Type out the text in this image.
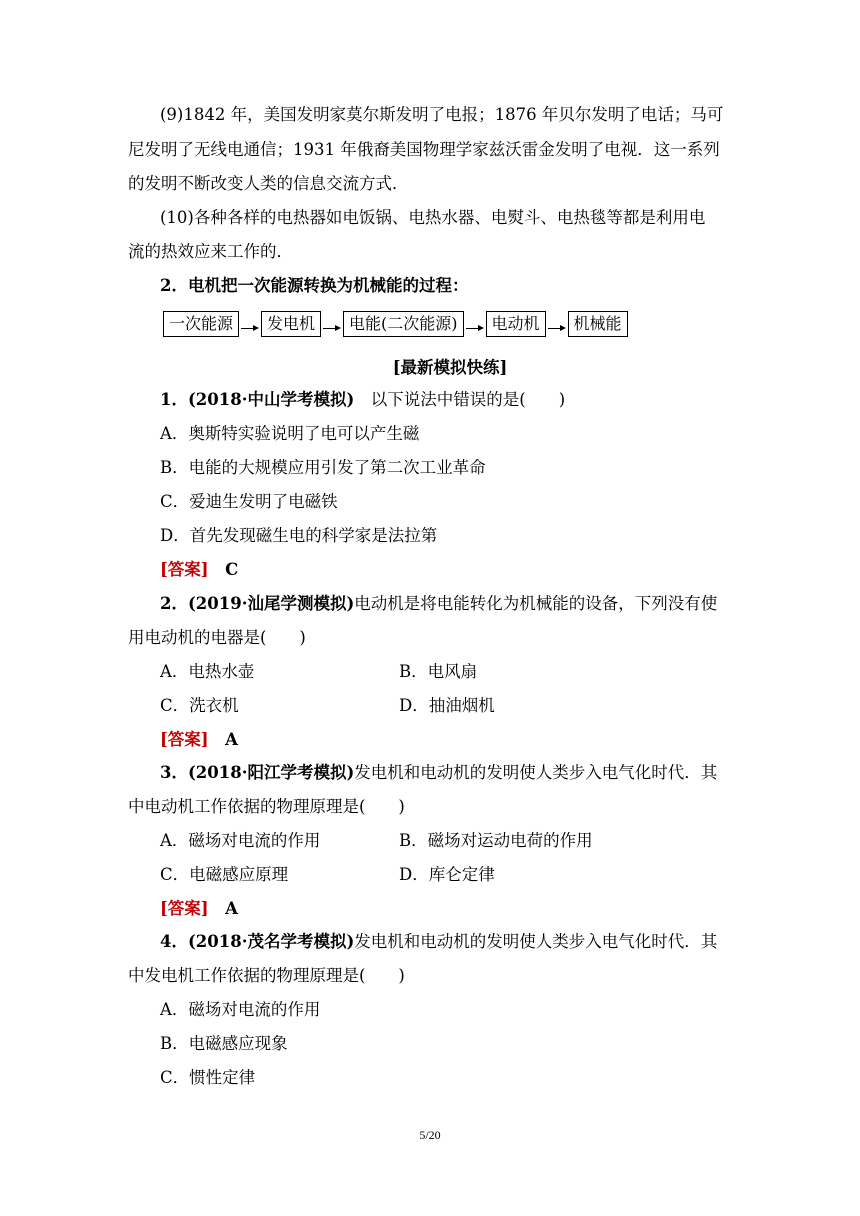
(9)1842 年，美国发明家莫尔斯发明了电报；1876 年贝尔发明了电话；马可
尼发明了无线电通信；1931 年俄裔美国物理学家兹沃雷金发明了电视．这一系列
的发明不断改变人类的信息交流方式．
(10)各种各样的电热器如电饭锅、电热水器、电熨斗、电热毯等都是利用电
流的热效应来工作的．
2．电机把一次能源转换为机械能的过程：
一次能源	发电机	电能(二次能源)	电动机	机械能
[最新模拟快练]
1．(2018·中山学考模拟)　以下说法中错误的是(　　)
A．奥斯特实验说明了电可以产生磁
B．电能的大规模应用引发了第二次工业革命
C．爱迪生发明了电磁铁
D．首先发现磁生电的科学家是法拉第
[答案]　 C
2．(2019·汕尾学测模拟)电动机是将电能转化为机械能的设备，下列没有使
用电动机的电器是(　　)
A．电热水壶	B．电风扇
C．洗衣机	D．抽油烟机
[答案]　 A
3．(2018·阳江学考模拟)发电机和电动机的发明使人类步入电气化时代．其
中电动机工作依据的物理原理是(　　)
A．磁场对电流的作用	B．磁场对运动电荷的作用
C．电磁感应原理	D．库仑定律
[答案]　 A
4．(2018·茂名学考模拟)发电机和电动机的发明使人类步入电气化时代．其
中发电机工作依据的物理原理是(　　)
A．磁场对电流的作用
B．电磁感应现象
C．惯性定律
5/20
